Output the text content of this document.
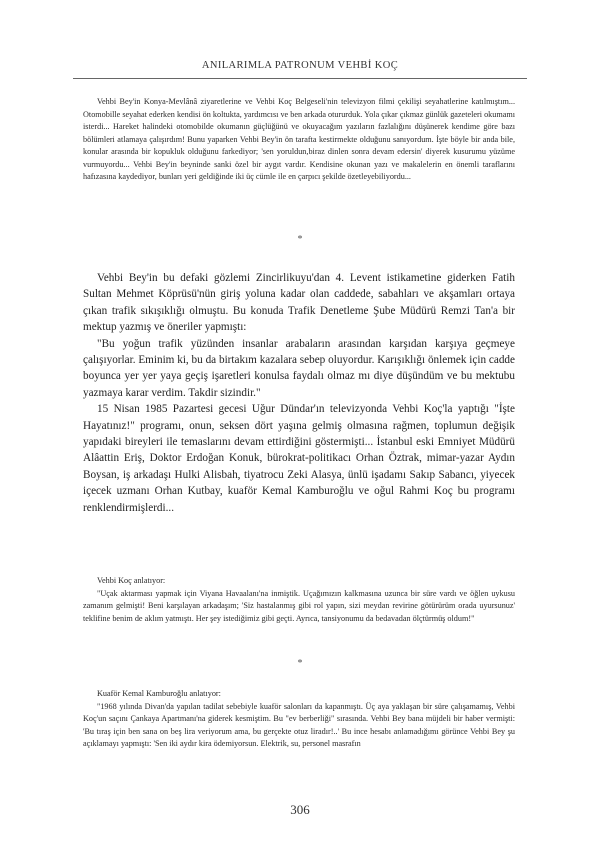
ANILARIMLA PATRONUM VEHBİ KOÇ

Vehbi Bey'in Konya-Mevlânâ ziyaretlerine ve Vehbi Koç Belgeseli'nin televizyon filmi çekilişi seyahatlerine katılmıştım... Otomobille seyahat ederken kendisi ön koltukta, yardımcısı ve ben arkada otururduk. Yola çıkar çıkmaz günlük gazeteleri okumamı isterdi... Hareket halindeki otomobilde okumanın güçlüğünü ve okuyacağım yazıların fazlalığını düşünerek kendime göre bazı bölümleri atlamaya çalışırdım! Bunu yaparken Vehbi Bey'in ön tarafta kestirmekte olduğunu sanıyordum. İşte böyle bir anda bile, konular arasında bir kopukluk olduğunu farkediyor; 'sen yoruldun,biraz dinlen sonra devam edersin' diyerek kusurumu yüzüme vurmuyordu... Vehbi Bey'in beyninde sanki özel bir aygıt vardır. Kendisine okunan yazı ve makalelerin en önemli taraflarını hafızasına kaydediyor, bunları yeri geldiğinde iki üç cümle ile en çarpıcı şekilde özetleyebiliyordu...

*

Vehbi Bey'in bu defaki gözlemi Zincirlikuyu'dan 4. Levent istikametine giderken Fatih Sultan Mehmet Köprüsü'nün giriş yoluna kadar olan caddede, sabahları ve akşamları ortaya çıkan trafik sıkışıklığı olmuştu. Bu konuda Trafik Denetleme Şube Müdürü Remzi Tan'a bir mektup yazmış ve öneriler yapmıştı:

"Bu yoğun trafik yüzünden insanlar arabaların arasından karşıdan karşıya geçmeye çalışıyorlar. Eminim ki, bu da birtakım kazalara sebep oluyordur. Karışıklığı önlemek için cadde boyunca yer yer yaya geçiş işaretleri konulsa faydalı olmaz mı diye düşündüm ve bu mektubu yazmaya karar verdim. Takdir sizindir."

15 Nisan 1985 Pazartesi gecesi Uğur Dündar'ın televizyonda Vehbi Koç'la yaptığı "İşte Hayatınız!" programı, onun, seksen dört yaşına gelmiş olmasına rağmen, toplumun değişik yapıdaki bireyleri ile temaslarını devam ettirdiğini göstermişti... İstanbul eski Emniyet Müdürü Alâattin Eriş, Doktor Erdoğan Konuk, bürokrat-politikacı Orhan Öztrak, mimar-yazar Aydın Boysan, iş arkadaşı Hulki Alisbah, tiyatrocu Zeki Alasya, ünlü işadamı Sakıp Sabancı, yiyecek içecek uzmanı Orhan Kutbay, kuaför Kemal Kamburoğlu ve oğul Rahmi Koç bu programı renklendirmişlerdi...

Vehbi Koç anlatıyor:

"Uçak aktarması yapmak için Viyana Havaalanı'na inmiştik. Uçağımızın kalkmasına uzunca bir süre vardı ve öğlen uykusu zamanım gelmişti! Beni karşılayan arkadaşım; 'Siz hastalanmış gibi rol yapın, sizi meydan revirine götürürüm orada uyursunuz' teklifine benim de aklım yatmıştı. Her şey istediğimiz gibi geçti. Ayrıca, tansiyonumu da bedavadan ölçtürmüş oldum!"

*

Kuaför Kemal Kamburoğlu anlatıyor:

"1968 yılında Divan'da yapılan tadilat sebebiyle kuaför salonları da kapanmıştı. Üç aya yaklaşan bir süre çalışamamış, Vehbi Koç'un saçını Çankaya Apartmanı'na giderek kesmiştim. Bu "ev berberliği" sırasında. Vehbi Bey bana müjdeli bir haber vermişti: 'Bu tıraş için ben sana on beş lira veriyorum ama, bu gerçekte otuz liradır!..' Bu ince hesabı anlamadığımı görünce Vehbi Bey şu açıklamayı yapmıştı: 'Sen iki aydır kira ödemiyorsun. Elektrik, su, personel masrafın

306
